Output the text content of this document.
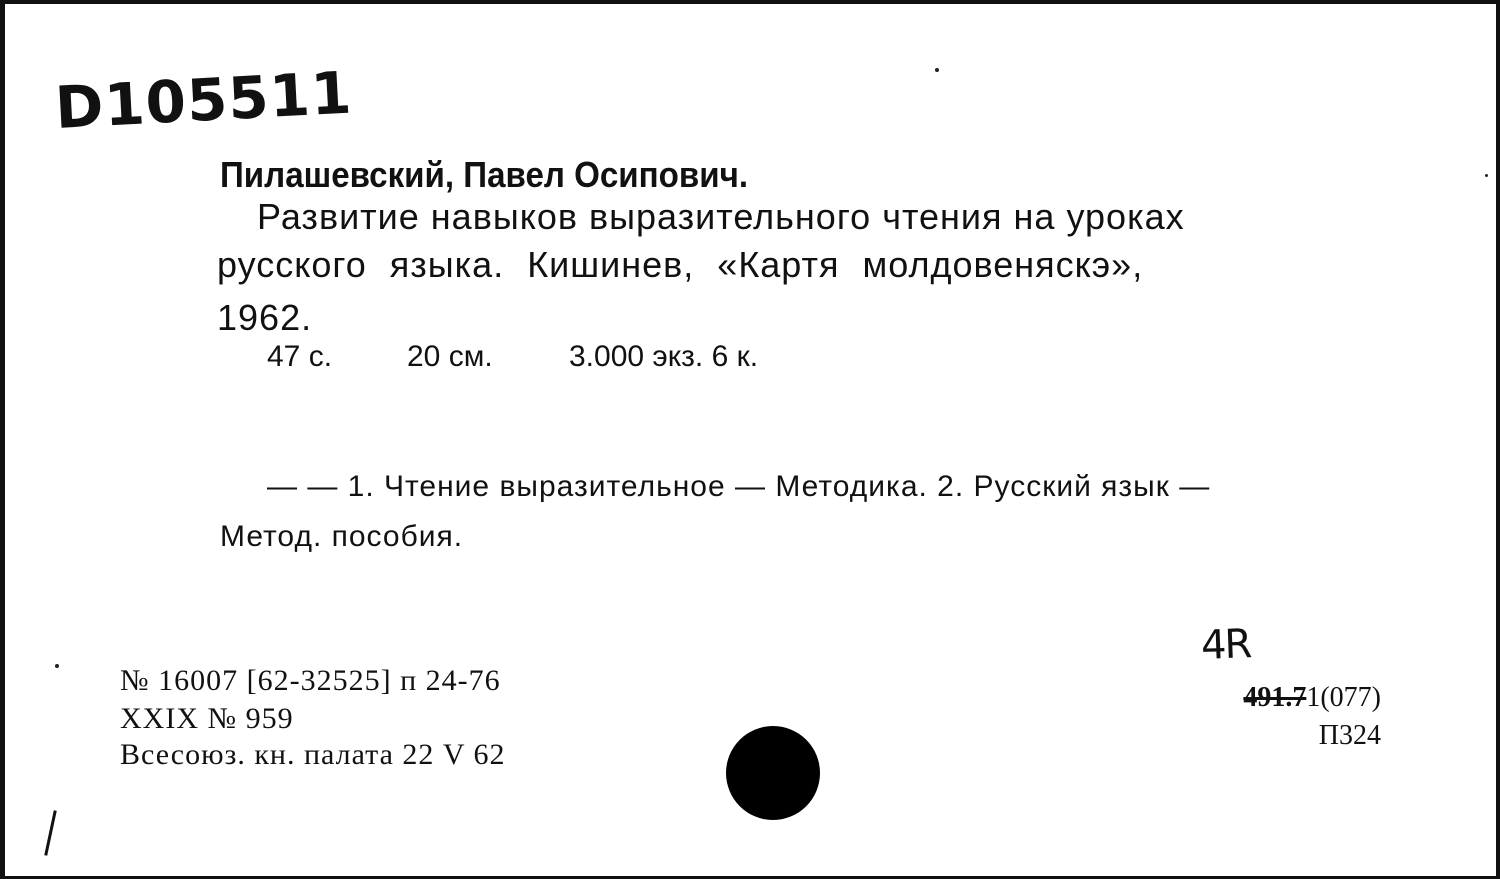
D105511
Пилашевский, Павел Осипович.
Развитие навыков выразительного чтения на уроках
русского языка. Кишинев, «Картя молдовеняскэ»,
1962.
47 с. 20 см.	3.000 экз. 6 к.
— — 1. Чтение выразительное — Методика. 2. Русский язык —
Метод. пособия.
№ 16007 [62-32525] п 24-76
XXIX № 959
Всесоюз. кн. палата 22 V 62
4R
491.71(077)
П324
